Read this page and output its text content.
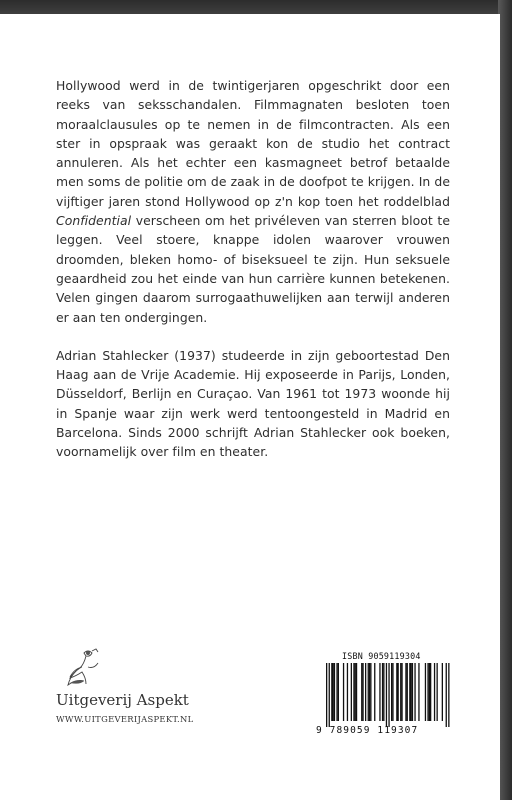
Hollywood werd in de twintigerjaren opgeschrikt door een reeks van seksschandalen. Filmmagnaten besloten toen moraalclausules op te nemen in de filmcontracten. Als een ster in opspraak was geraakt kon de studio het contract annuleren. Als het echter een kasmagneet betrof betaalde men soms de politie om de zaak in de doofpot te krijgen. In de vijftiger jaren stond Hollywood op z'n kop toen het roddelblad Confidential verscheen om het privéleven van sterren bloot te leggen. Veel stoere, knappe idolen waarover vrouwen droomden, bleken homo- of biseksueel te zijn. Hun seksuele geaardheid zou het einde van hun carrière kunnen betekenen. Velen gingen daarom surrogaathuwelijken aan terwijl anderen er aan ten ondergingen.

Adrian Stahlecker (1937) studeerde in zijn geboortestad Den Haag aan de Vrije Academie. Hij exposeerde in Parijs, Londen, Düsseldorf, Berlijn en Curaçao. Van 1961 tot 1973 woonde hij in Spanje waar zijn werk werd tentoongesteld in Madrid en Barcelona. Sinds 2000 schrijft Adrian Stahlecker ook boeken, voornamelijk over film en theater.

Uitgeverij Aspekt
WWW.UITGEVERIJASPEKT.NL
ISBN 9059119304
9 789059 119307
